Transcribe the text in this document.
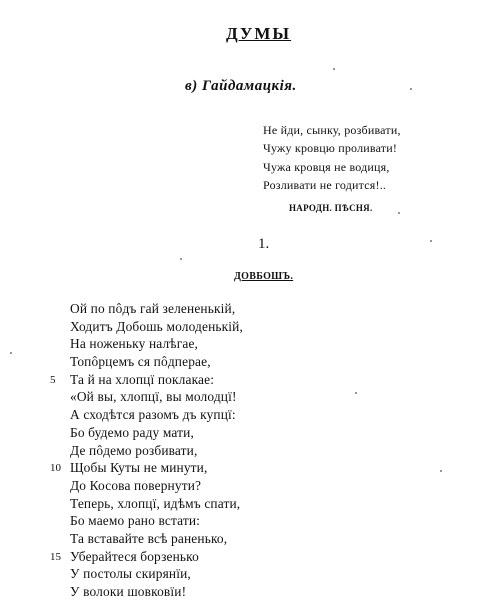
ДУМЫ
в) Гайдамацкія.
Не йди, сынку, розбивати,
Чужу кровцю проливати!
Чужа кровця не водиця,
Розливати не годится!..
НАРОДН. ПѢСНЯ.
1.
ДОВБОШЪ.
Ой по пôдъ гай зелененькій,
Ходитъ Добошь молоденькій,
На ноженьку налѣгае,
Топôрцемъ ся пôдперае,
5	Та й на хлопцї поклакае:
«Ой вы, хлопцї, вы молодцї!
А сходѣтся разомъ дъ купцї:
Бо будемо раду мати,
Де пôдемо розбивати,
10 Щобы Куты не минути,
До Косова повернути?
Теперь, хлопцї, идѣмъ спати,
Бо маемо рано встати:
Та вставайте всѣ раненько,
15 Уберайтеся борзенько
У постолы скирянїи,
У волоки шовковїи!
